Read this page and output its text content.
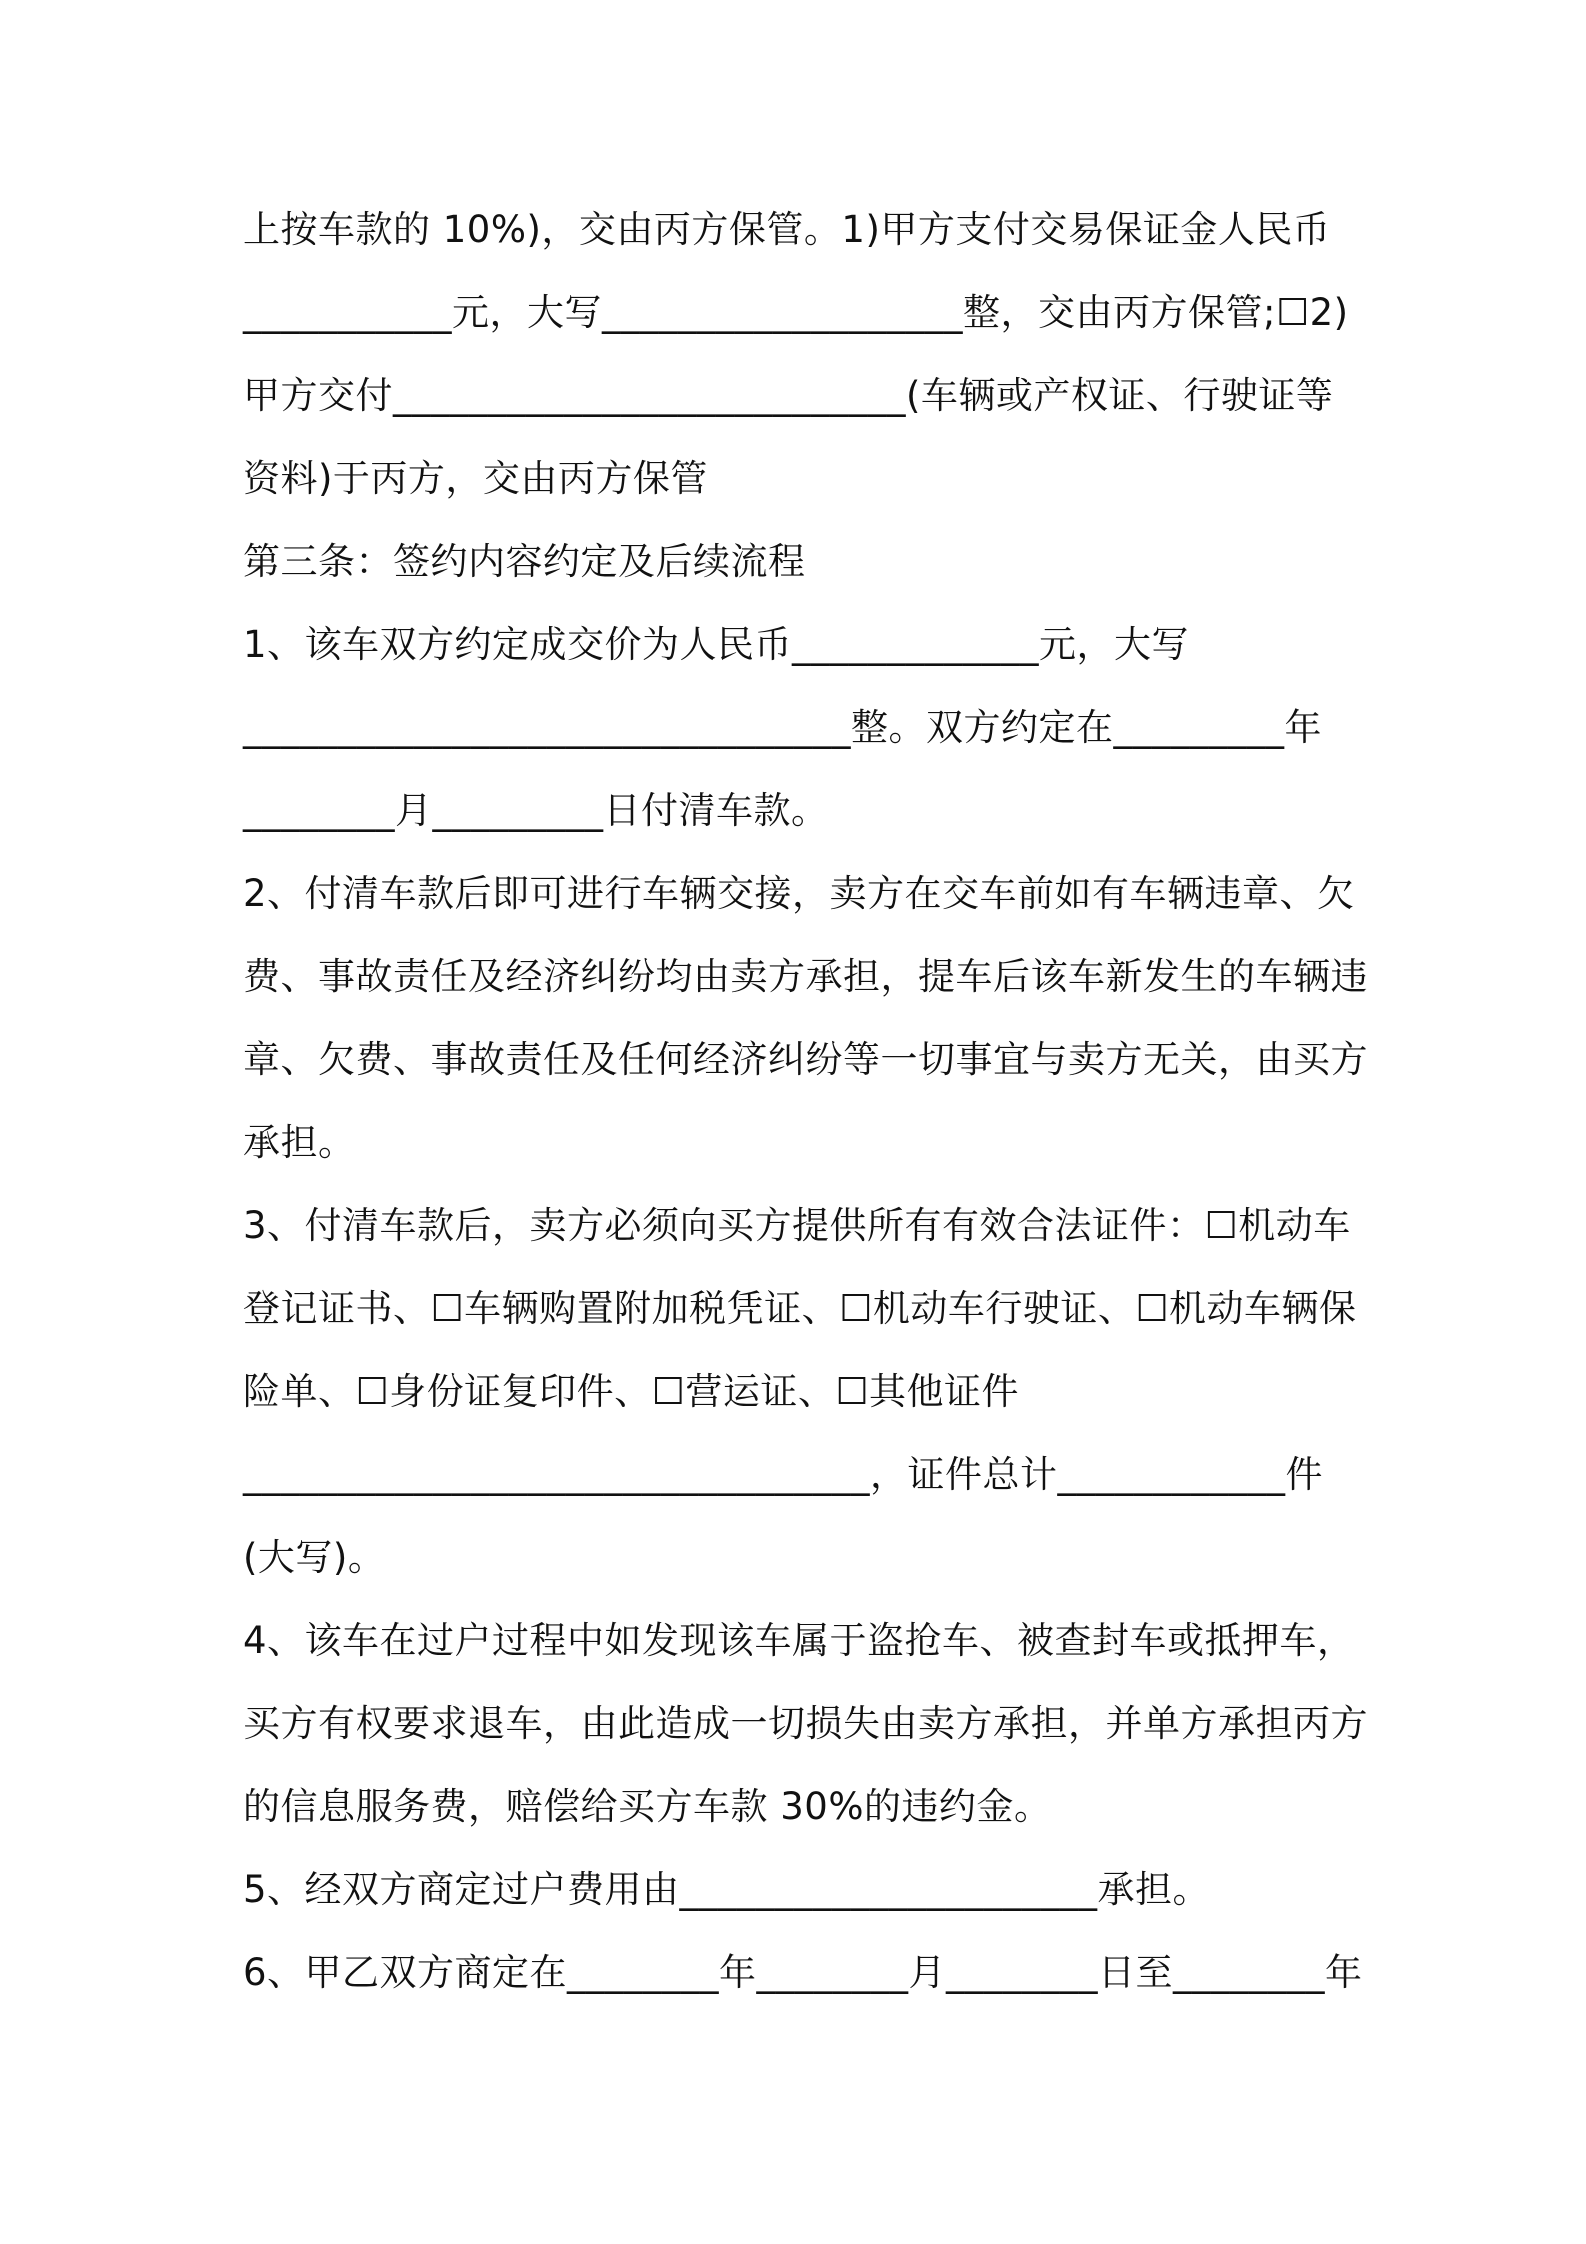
上按车款的 10%)，交由丙方保管。1)甲方支付交易保证金人民币
___________元，大写___________________整，交由丙方保管;☐2)
甲方交付___________________________(车辆或产权证、行驶证等
资料)于丙方，交由丙方保管
第三条：签约内容约定及后续流程
1、该车双方约定成交价为人民币_____________元，大写
________________________________整。双方约定在_________年
________月_________日付清车款。
2、付清车款后即可进行车辆交接，卖方在交车前如有车辆违章、欠
费、事故责任及经济纠纷均由卖方承担，提车后该车新发生的车辆违
章、欠费、事故责任及任何经济纠纷等一切事宜与卖方无关，由买方
承担。
3、付清车款后，卖方必须向买方提供所有有效合法证件：☐机动车
登记证书、☐车辆购置附加税凭证、☐机动车行驶证、☐机动车辆保
险单、☐身份证复印件、☐营运证、☐其他证件
_________________________________，证件总计____________件
(大写)。
4、该车在过户过程中如发现该车属于盗抢车、被查封车或抵押车，
买方有权要求退车，由此造成一切损失由卖方承担，并单方承担丙方
的信息服务费，赔偿给买方车款 30%的违约金。
5、经双方商定过户费用由______________________承担。
6、甲乙双方商定在________年________月________日至________年
